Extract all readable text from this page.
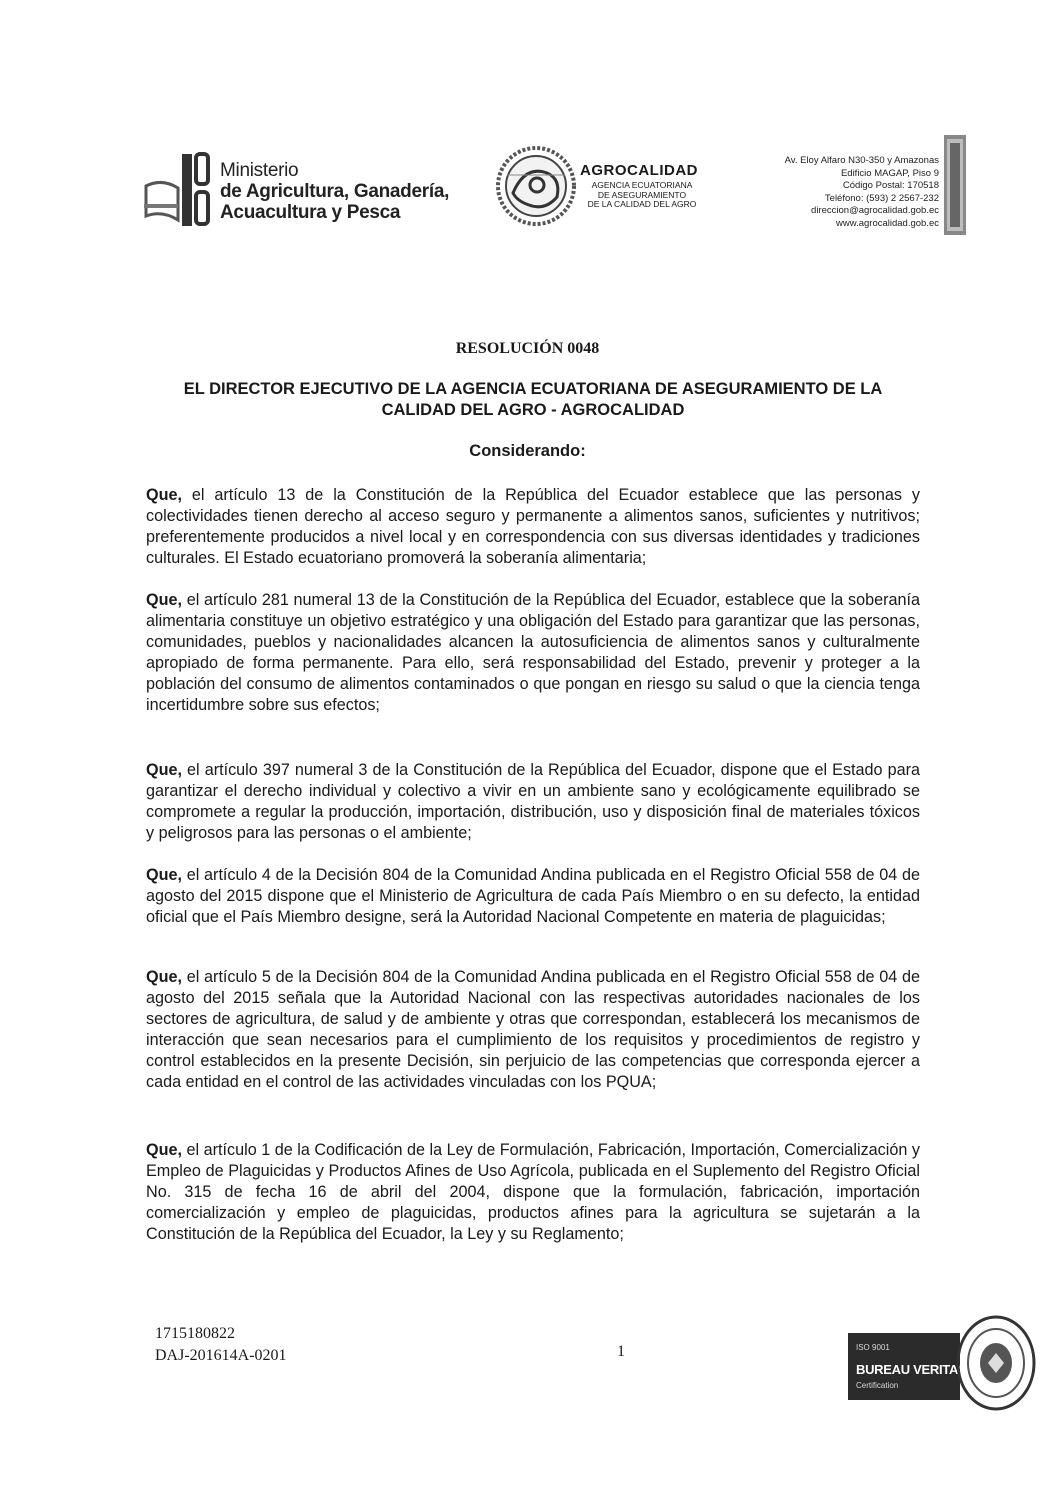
Ministerio
de Agricultura, Ganadería,
Acuacultura y Pesca
AGROCALIDAD
AGENCIA ECUATORIANA
DE ASEGURAMIENTO
DE LA CALIDAD DEL AGRO
Av. Eloy Alfaro N30-350 y Amazonas
Edificio MAGAP, Piso 9
Código Postal: 170518
Teléfono: (593) 2 2567-232
direccion@agrocalidad.gob.ec
www.agrocalidad.gob.ec
RESOLUCIÓN 0048
EL DIRECTOR EJECUTIVO DE LA AGENCIA ECUATORIANA DE ASEGURAMIENTO DE LA CALIDAD DEL AGRO - AGROCALIDAD
Considerando:

Que, el artículo 13 de la Constitución de la República del Ecuador establece que las personas y colectividades tienen derecho al acceso seguro y permanente a alimentos sanos, suficientes y nutritivos; preferentemente producidos a nivel local y en correspondencia con sus diversas identidades y tradiciones culturales. El Estado ecuatoriano promoverá la soberanía alimentaria;

Que, el artículo 281 numeral 13 de la Constitución de la República del Ecuador, establece que la soberanía alimentaria constituye un objetivo estratégico y una obligación del Estado para garantizar que las personas, comunidades, pueblos y nacionalidades alcancen la autosuficiencia de alimentos sanos y culturalmente apropiado de forma permanente. Para ello, será responsabilidad del Estado, prevenir y proteger a la población del consumo de alimentos contaminados o que pongan en riesgo su salud o que la ciencia tenga incertidumbre sobre sus efectos;

Que, el artículo 397 numeral 3 de la Constitución de la República del Ecuador, dispone que el Estado para garantizar el derecho individual y colectivo a vivir en un ambiente sano y ecológicamente equilibrado se compromete a regular la producción, importación, distribución, uso y disposición final de materiales tóxicos y peligrosos para las personas o el ambiente;

Que, el artículo 4 de la Decisión 804 de la Comunidad Andina publicada en el Registro Oficial 558 de 04 de agosto del 2015 dispone que el Ministerio de Agricultura de cada País Miembro o en su defecto, la entidad oficial que el País Miembro designe, será la Autoridad Nacional Competente en materia de plaguicidas;

Que, el artículo 5 de la Decisión 804 de la Comunidad Andina publicada en el Registro Oficial 558 de 04 de agosto del 2015 señala que la Autoridad Nacional con las respectivas autoridades nacionales de los sectores de agricultura, de salud y de ambiente y otras que correspondan, establecerá los mecanismos de interacción que sean necesarios para el cumplimiento de los requisitos y procedimientos de registro y control establecidos en la presente Decisión, sin perjuicio de las competencias que corresponda ejercer a cada entidad en el control de las actividades vinculadas con los PQUA;

Que, el artículo 1 de la Codificación de la Ley de Formulación, Fabricación, Importación, Comercialización y Empleo de Plaguicidas y Productos Afines de Uso Agrícola, publicada en el Suplemento del Registro Oficial No. 315 de fecha 16 de abril del 2004, dispone que la formulación, fabricación, importación comercialización y empleo de plaguicidas, productos afines para la agricultura se sujetarán a la Constitución de la República del Ecuador, la Ley y su Reglamento;

1715180822
DAJ-201614A-0201	1	ISO 9001
BUREAU VERITAS
Certification
